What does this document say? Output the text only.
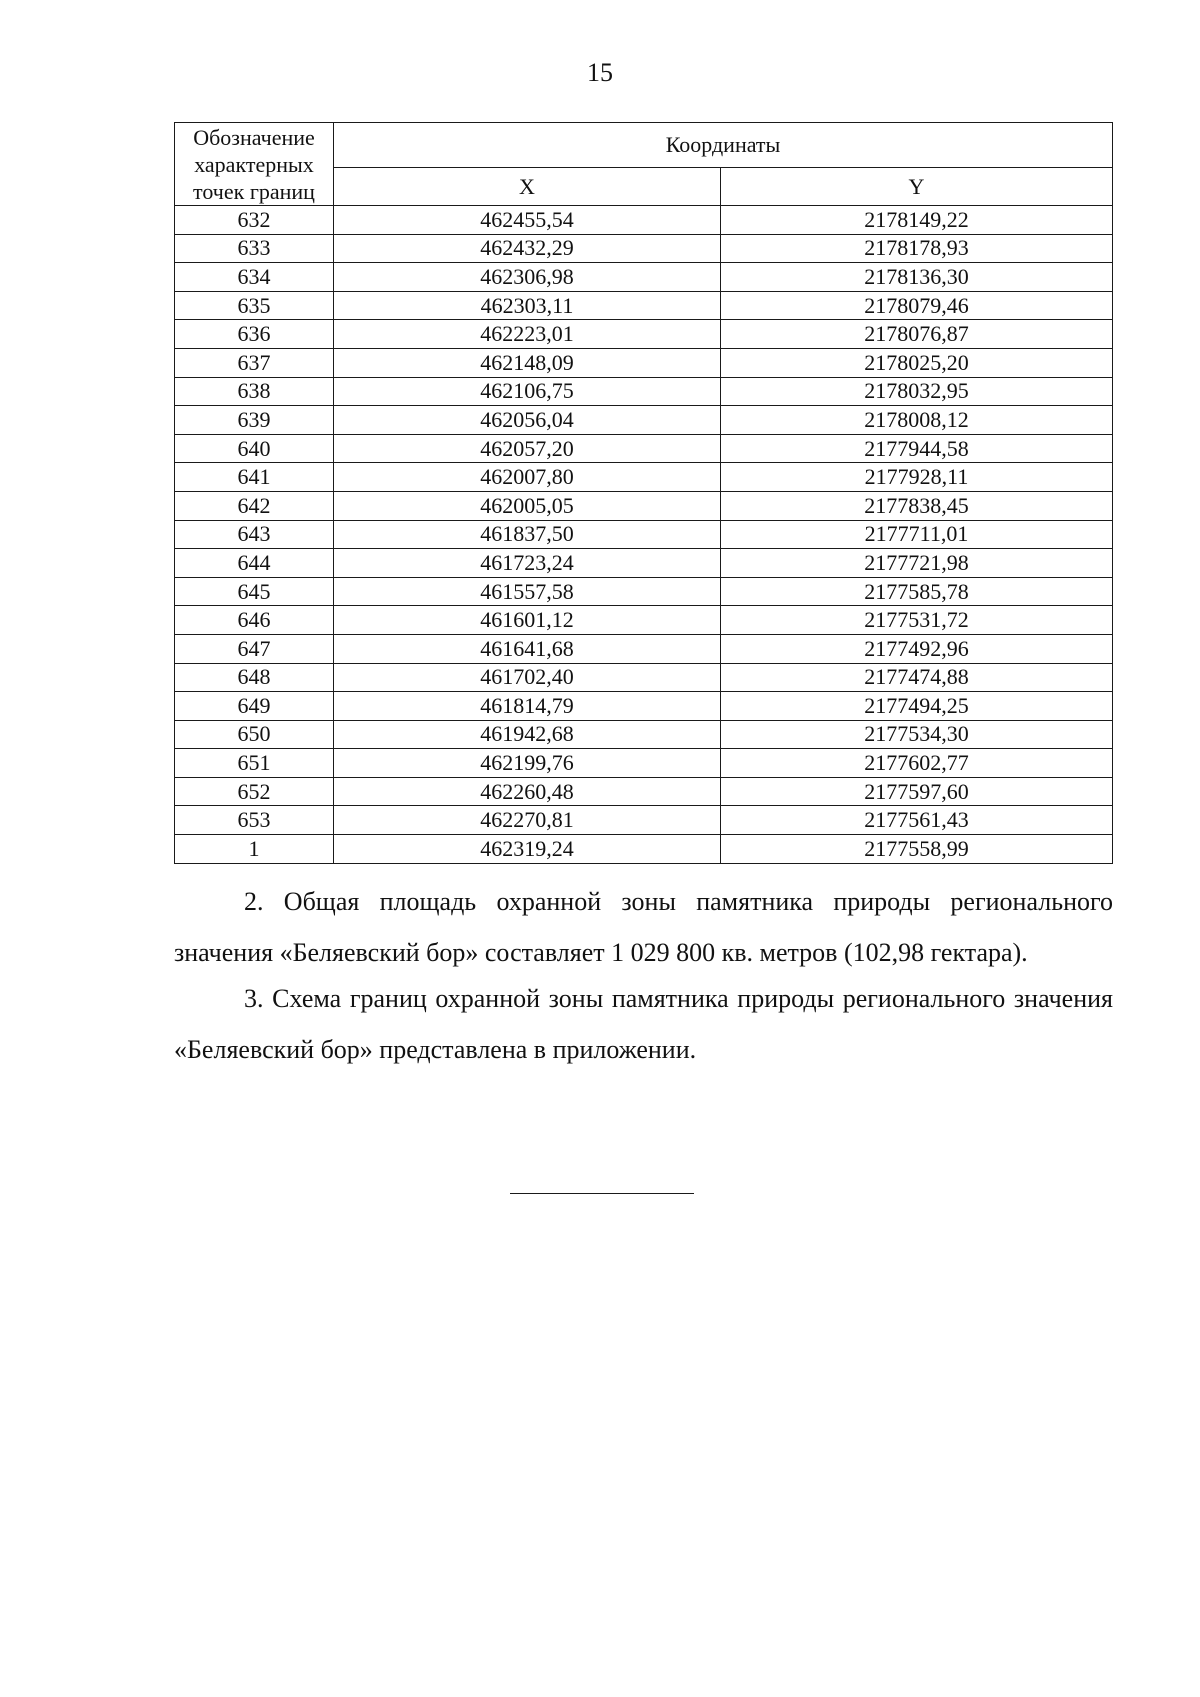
15
Обозначение характерных точек границ	Координаты	
	X	Y
632	462455,54	2178149,22
633	462432,29	2178178,93
634	462306,98	2178136,30
635	462303,11	2178079,46
636	462223,01	2178076,87
637	462148,09	2178025,20
638	462106,75	2178032,95
639	462056,04	2178008,12
640	462057,20	2177944,58
641	462007,80	2177928,11
642	462005,05	2177838,45
643	461837,50	2177711,01
644	461723,24	2177721,98
645	461557,58	2177585,78
646	461601,12	2177531,72
647	461641,68	2177492,96
648	461702,40	2177474,88
649	461814,79	2177494,25
650	461942,68	2177534,30
651	462199,76	2177602,77
652	462260,48	2177597,60
653	462270,81	2177561,43
1	462319,24	2177558,99
2. Общая площадь охранной зоны памятника природы регионального значения «Беляевский бор» составляет 1 029 800 кв. метров (102,98 гектара).
3. Схема границ охранной зоны памятника природы регионального значения «Беляевский бор» представлена в приложении.
